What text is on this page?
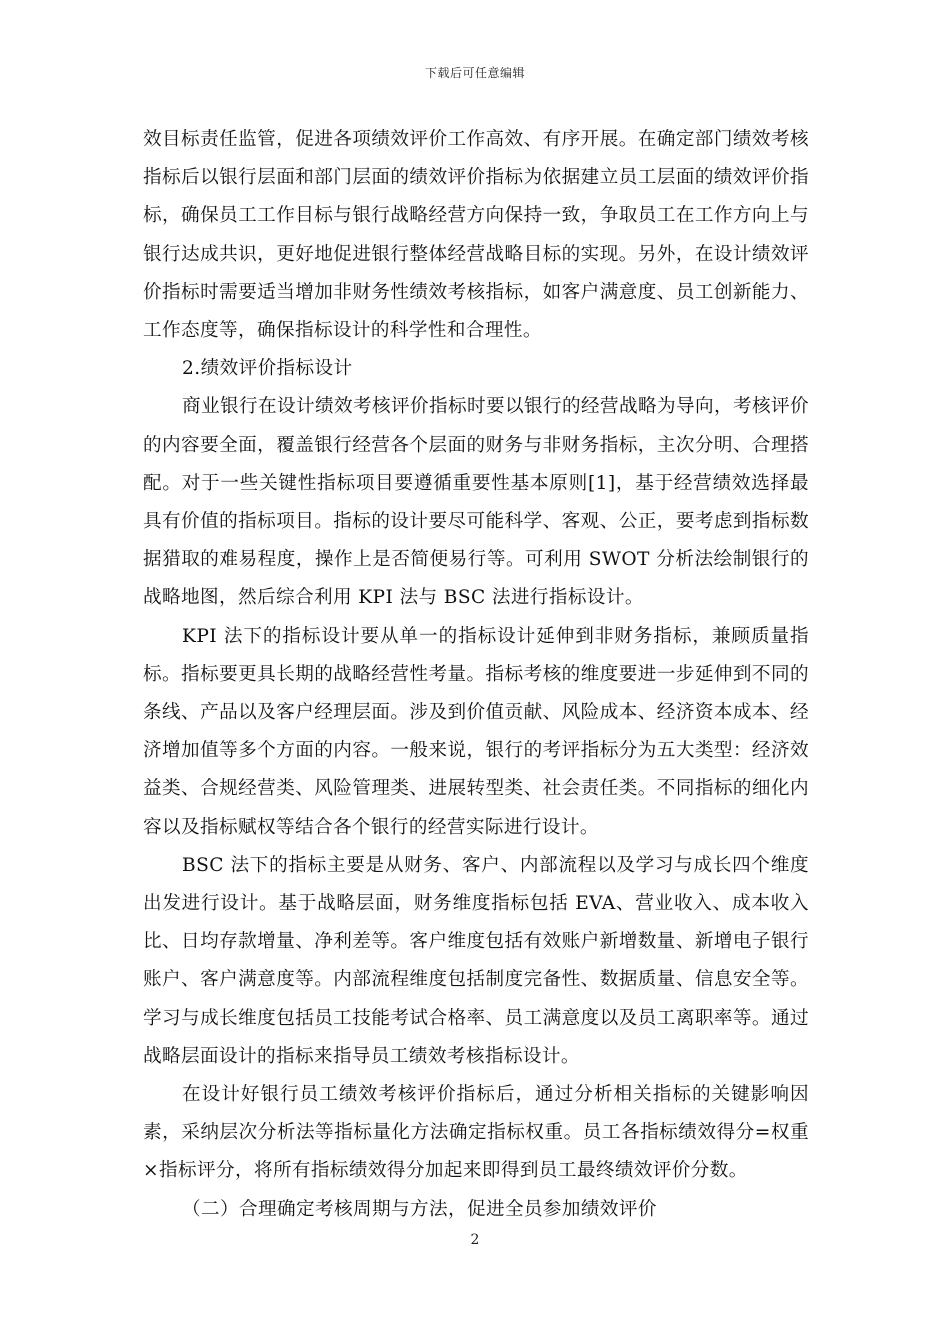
下载后可任意编辑

效目标责任监管，促进各项绩效评价工作高效、有序开展。在确定部门绩效考核指标后以银行层面和部门层面的绩效评价指标为依据建立员工层面的绩效评价指标，确保员工工作目标与银行战略经营方向保持一致，争取员工在工作方向上与银行达成共识，更好地促进银行整体经营战略目标的实现。另外，在设计绩效评价指标时需要适当增加非财务性绩效考核指标，如客户满意度、员工创新能力、工作态度等，确保指标设计的科学性和合理性。

2.绩效评价指标设计

商业银行在设计绩效考核评价指标时要以银行的经营战略为导向，考核评价的内容要全面，覆盖银行经营各个层面的财务与非财务指标，主次分明、合理搭配。对于一些关键性指标项目要遵循重要性基本原则[1]，基于经营绩效选择最具有价值的指标项目。指标的设计要尽可能科学、客观、公正，要考虑到指标数据猎取的难易程度，操作上是否简便易行等。可利用 SWOT 分析法绘制银行的战略地图，然后综合利用 KPI 法与 BSC 法进行指标设计。

KPI 法下的指标设计要从单一的指标设计延伸到非财务指标，兼顾质量指标。指标要更具长期的战略经营性考量。指标考核的维度要进一步延伸到不同的条线、产品以及客户经理层面。涉及到价值贡献、风险成本、经济资本成本、经济增加值等多个方面的内容。一般来说，银行的考评指标分为五大类型：经济效益类、合规经营类、风险管理类、进展转型类、社会责任类。不同指标的细化内容以及指标赋权等结合各个银行的经营实际进行设计。

BSC 法下的指标主要是从财务、客户、内部流程以及学习与成长四个维度出发进行设计。基于战略层面，财务维度指标包括 EVA、营业收入、成本收入比、日均存款增量、净利差等。客户维度包括有效账户新增数量、新增电子银行账户、客户满意度等。内部流程维度包括制度完备性、数据质量、信息安全等。学习与成长维度包括员工技能考试合格率、员工满意度以及员工离职率等。通过战略层面设计的指标来指导员工绩效考核指标设计。

在设计好银行员工绩效考核评价指标后，通过分析相关指标的关键影响因素，采纳层次分析法等指标量化方法确定指标权重。员工各指标绩效得分=权重×指标评分，将所有指标绩效得分加起来即得到员工最终绩效评价分数。

（二）合理确定考核周期与方法，促进全员参加绩效评价

2
